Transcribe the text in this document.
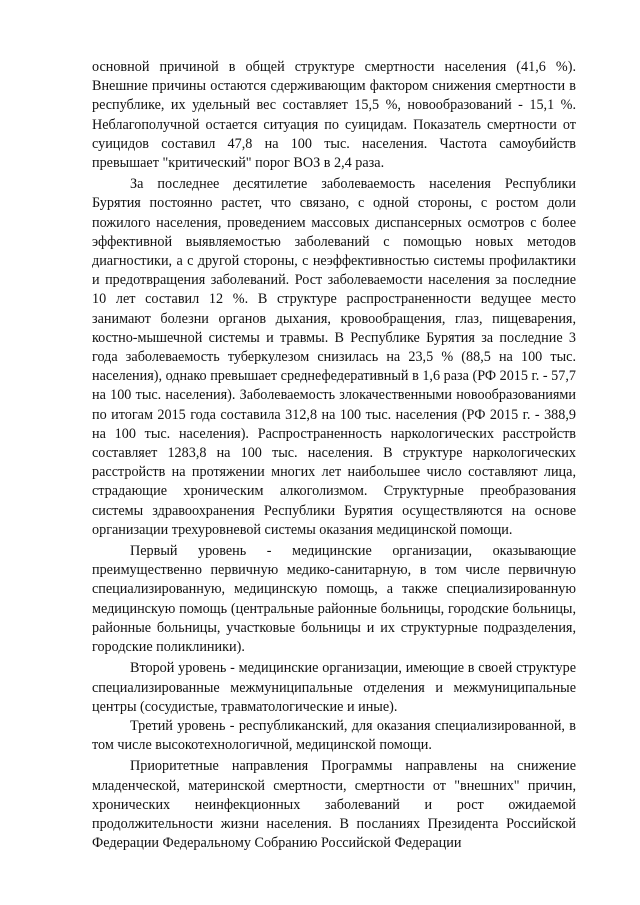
основной причиной в общей структуре смертности населения (41,6 %). Внешние причины остаются сдерживающим фактором снижения смертности в республике, их удельный вес составляет 15,5 %, новообразований - 15,1 %. Неблагополучной остается ситуация по суицидам. Показатель смертности от суицидов составил 47,8 на 100 тыс. населения. Частота самоубийств превышает "критический" порог ВОЗ в 2,4 раза.

За последнее десятилетие заболеваемость населения Республики Бурятия постоянно растет, что связано, с одной стороны, с ростом доли пожилого населения, проведением массовых диспансерных осмотров с более эффективной выявляемостью заболеваний с помощью новых методов диагностики, а с другой стороны, с неэффективностью системы профилактики и предотвращения заболеваний. Рост заболеваемости населения за последние 10 лет составил 12 %. В структуре распространенности ведущее место занимают болезни органов дыхания, кровообращения, глаз, пищеварения, костно-мышечной системы и травмы. В Республике Бурятия за последние 3 года заболеваемость туберкулезом снизилась на 23,5 % (88,5 на 100 тыс. населения), однако превышает среднефедеративный в 1,6 раза (РФ 2015 г. - 57,7 на 100 тыс. населения). Заболеваемость злокачественными новообразованиями по итогам 2015 года составила 312,8 на 100 тыс. населения (РФ 2015 г. - 388,9 на 100 тыс. населения). Распространенность наркологических расстройств составляет 1283,8 на 100 тыс. населения. В структуре наркологических расстройств на протяжении многих лет наибольшее число составляют лица, страдающие хроническим алкоголизмом. Структурные преобразования системы здравоохранения Республики Бурятия осуществляются на основе организации трехуровневой системы оказания медицинской помощи.

Первый уровень - медицинские организации, оказывающие преимущественно первичную медико-санитарную, в том числе первичную специализированную, медицинскую помощь, а также специализированную медицинскую помощь (центральные районные больницы, городские больницы, районные больницы, участковые больницы и их структурные подразделения, городские поликлиники).

Второй уровень - медицинские организации, имеющие в своей структуре специализированные межмуниципальные отделения и межмуниципальные центры (сосудистые, травматологические и иные).

Третий уровень - республиканский, для оказания специализированной, в том числе высокотехнологичной, медицинской помощи.

Приоритетные направления Программы направлены на снижение младенческой, материнской смертности, смертности от "внешних" причин, хронических неинфекционных заболеваний и рост ожидаемой продолжительности жизни населения. В посланиях Президента Российской Федерации Федеральному Собранию Российской Федерации
